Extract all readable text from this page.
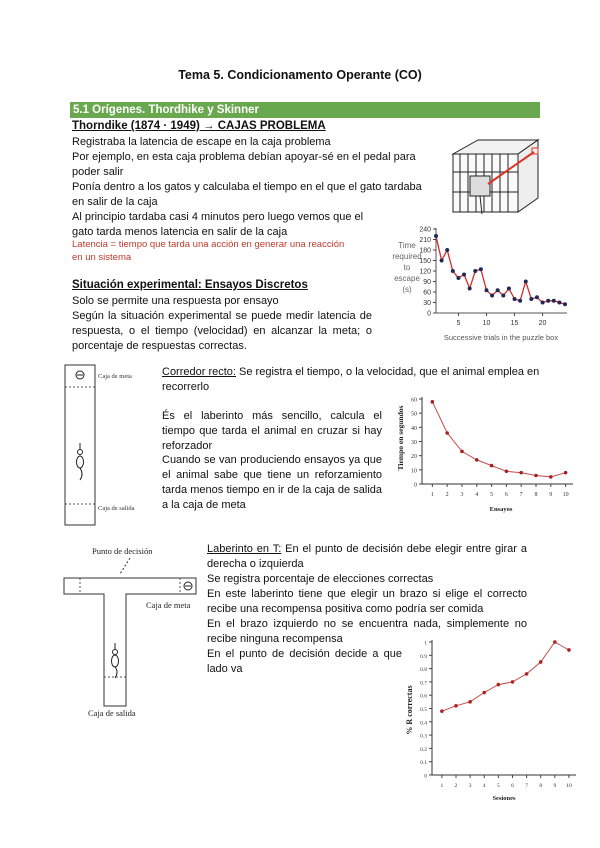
Tema 5. Condicionamento Operante (CO)
5.1 Orígenes. Thordhike y Skinner
Thorndike (1874 · 1949) → CAJAS PROBLEMA
Registraba la latencia de escape en la caja problema
Por ejemplo, en esta caja problema debían apoyar-sé en el pedal para
poder salir
Ponía dentro a los gatos y calculaba el tiempo en el que el gato tardaba
en salir de la caja
Al principio tardaba casi 4 minutos pero luego vemos que el
gato tarda menos latencia en salir de la caja
Latencia = tiempo que tarda una acción en generar una reacción
en un sistema
Time
required
to
escape
(s)
240
210
180
150
120
90
60
30
0
5	10	15	20
Successive trials in the puzzle box
Situación experimental: Ensayos Discretos
Solo se permite una respuesta por ensayo
Según la situación experimental se puede medir latencia de respuesta, o el tiempo (velocidad) en alcanzar la meta; o porcentaje de respuestas correctas.
Caja de meta
Caja de salida
Corredor recto: Se registra el tiempo, o la velocidad, que el animal emplea en recorrerlo
És el laberinto más sencillo, calcula el tiempo que tarda el animal en cruzar si hay reforzador
Cuando se van produciendo ensayos ya que el animal sabe que tiene un reforzamiento tarda menos tiempo en ir de la caja de salida a la caja de meta
Tiempo en segundos
60
50
40
30
20
10
0
1 2 3 4 5 6 7 8 9 10
Ensayos
Punto de decisión
Caja de meta
Caja de salida
Laberinto en T: En el punto de decisión debe elegir entre girar a derecha o izquierda
Se registra porcentaje de elecciones correctas
En este laberinto tiene que elegir un brazo si elige el correcto recibe una recompensa positiva como podría ser comida
En el brazo izquierdo no se encuentra nada, simplemente no recibe ninguna recompensa
En el punto de decisión decide a que lado va
% R correctas
1
0.9
0.8
0.7
0.6
0.5
0.4
0.3
0.2
0.1
0
1 2 3 4 5 6 7 8 9 10
Sesiones
